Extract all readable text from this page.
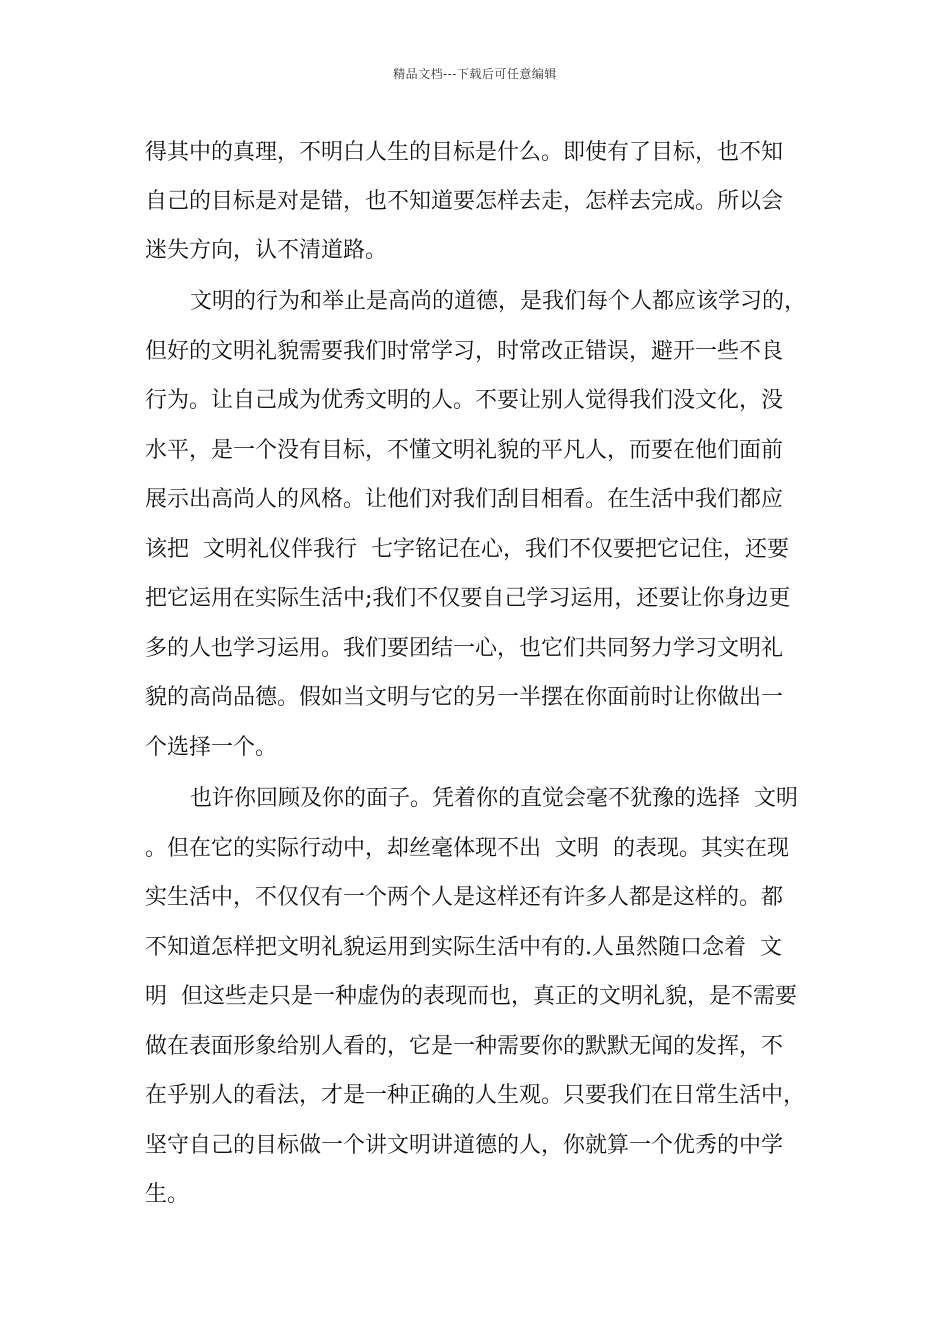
精品文档---下载后可任意编辑
得其中的真理，不明白人生的目标是什么。即使有了目标，也不知
自己的目标是对是错，也不知道要怎样去走，怎样去完成。所以会
迷失方向，认不清道路。
文明的行为和举止是高尚的道德，是我们每个人都应该学习的，
但好的文明礼貌需要我们时常学习，时常改正错误，避开一些不良
行为。让自己成为优秀文明的人。不要让别人觉得我们没文化，没
水平，是一个没有目标，不懂文明礼貌的平凡人，而要在他们面前
展示出高尚人的风格。让他们对我们刮目相看。在生活中我们都应
该把  文明礼仪伴我行  七字铭记在心，我们不仅要把它记住，还要
把它运用在实际生活中;我们不仅要自己学习运用，还要让你身边更
多的人也学习运用。我们要团结一心，也它们共同努力学习文明礼
貌的高尚品德。假如当文明与它的另一半摆在你面前时让你做出一
个选择一个。
也许你回顾及你的面子。凭着你的直觉会毫不犹豫的选择  文明
。但在它的实际行动中，却丝毫体现不出  文明  的表现。其实在现
实生活中，不仅仅有一个两个人是这样还有许多人都是这样的。都
不知道怎样把文明礼貌运用到实际生活中有的.人虽然随口念着  文
明  但这些走只是一种虚伪的表现而也，真正的文明礼貌，是不需要
做在表面形象给别人看的，它是一种需要你的默默无闻的发挥，不
在乎别人的看法，才是一种正确的人生观。只要我们在日常生活中，
坚守自己的目标做一个讲文明讲道德的人，你就算一个优秀的中学
生。
